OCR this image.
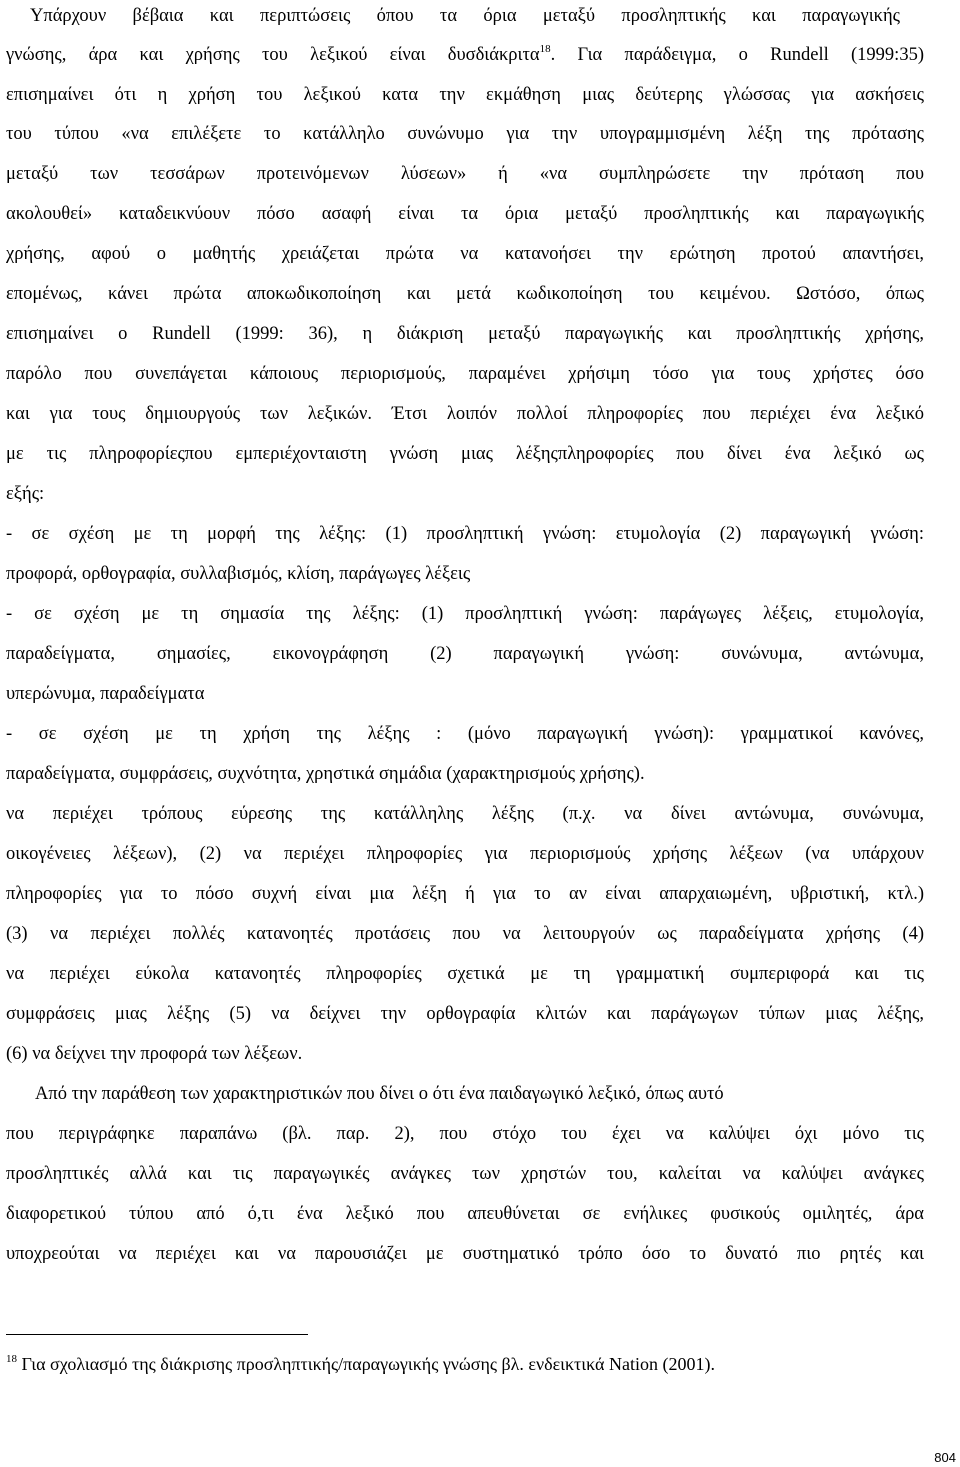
Υπάρχουν βέβαια και περιπτώσεις όπου τα όρια μεταξύ προσληπτικής και παραγωγικής
γνώσης, άρα και χρήσης του λεξικού είναι δυσδιάκριτα$^{18}$. Για παράδειγμα, ο Rundell (1999:35)
επισημαίνει ότι η χρήση του λεξικού κατα την εκμάθηση μιας δεύτερης γλώσσας για ασκήσεις
του τύπου «να επιλέξετε το κατάλληλο συνώνυμο για την υπογραμμισμένη λέξη της πρότασης
μεταξύ των τεσσάρων προτεινόμενων λύσεων» ή «να συμπληρώσετε την πρόταση που
ακολουθεί» καταδεικνύουν πόσο ασαφή είναι τα όρια μεταξύ προσληπτικής και παραγωγικής
χρήσης, αφού ο μαθητής χρειάζεται πρώτα να κατανοήσει την ερώτηση προτού απαντήσει,
επομένως, κάνει πρώτα αποκωδικοποίηση και μετά κωδικοποίηση του κειμένου. Ωστόσο, όπως
επισημαίνει ο Rundell (1999: 36), η διάκριση μεταξύ παραγωγικής και προσληπτικής χρήσης,
παρόλο που συνεπάγεται κάποιους περιορισμούς, παραμένει χρήσιμη τόσο για τους χρήστες όσο
και για τους δημιουργούς των λεξικών. Έτσι λοιπόν πολλοί πληροφορίες που περιέχει ένα λεξικό
με τις πληροφορίεςπου εμπεριέχονταιστη γνώση μιας λέξηςπληροφορίες που δίνει ένα λεξικό ως
εξής:
- σε σχέση με τη μορφή της λέξης: (1) προσληπτική γνώση: ετυμολογία (2) παραγωγική γνώση:
προφορά, ορθογραφία, συλλαβισμός, κλίση, παράγωγες λέξεις
- σε σχέση με τη σημασία της λέξης: (1) προσληπτική γνώση: παράγωγες λέξεις, ετυμολογία,
παραδείγματα, σημασίες, εικονογράφηση (2) παραγωγική γνώση: συνώνυμα, αντώνυμα,
υπερώνυμα, παραδείγματα
- σε σχέση με τη χρήση της λέξης : (μόνο παραγωγική γνώση): γραμματικοί κανόνες,
παραδείγματα, συμφράσεις, συχνότητα, χρηστικά σημάδια (χαρακτηρισμούς χρήσης).
να περιέχει τρόπους εύρεσης της κατάλληλης λέξης (π.χ. να δίνει αντώνυμα, συνώνυμα,
οικογένειες λέξεων), (2) να περιέχει πληροφορίες για περιορισμούς χρήσης λέξεων (να υπάρχουν
πληροφορίες για το πόσο συχνή είναι μια λέξη ή για το αν είναι απαρχαιωμένη, υβριστική, κτλ.)
(3) να περιέχει πολλές κατανοητές προτάσεις που να λειτουργούν ως παραδείγματα χρήσης (4)
να περιέχει εύκολα κατανοητές πληροφορίες σχετικά με τη γραμματική συμπεριφορά και τις
συμφράσεις μιας λέξης (5) να δείχνει την ορθογραφία κλιτών και παράγωγων τύπων μιας λέξης,
(6) να δείχνει την προφορά των λέξεων.
Από την παράθεση των χαρακτηριστικών που δίνει ο ότι ένα παιδαγωγικό λεξικό, όπως αυτό
που περιγράφηκε παραπάνω (βλ. παρ. 2), που στόχο του έχει να καλύψει όχι μόνο τις
προσληπτικές αλλά και τις παραγωγικές ανάγκες των χρηστών του, καλείται να καλύψει ανάγκες
διαφορετικού τύπου από ό,τι ένα λεξικό που απευθύνεται σε ενήλικες φυσικούς ομιλητές, άρα
υποχρεούται να περιέχει και να παρουσιάζει με συστηματικό τρόπο όσο το δυνατό πιο ρητές και
$^{18}$ Για σχολιασμό της διάκρισης προσληπτικής/παραγωγικής γνώσης βλ. ενδεικτικά Nation (2001).
804
